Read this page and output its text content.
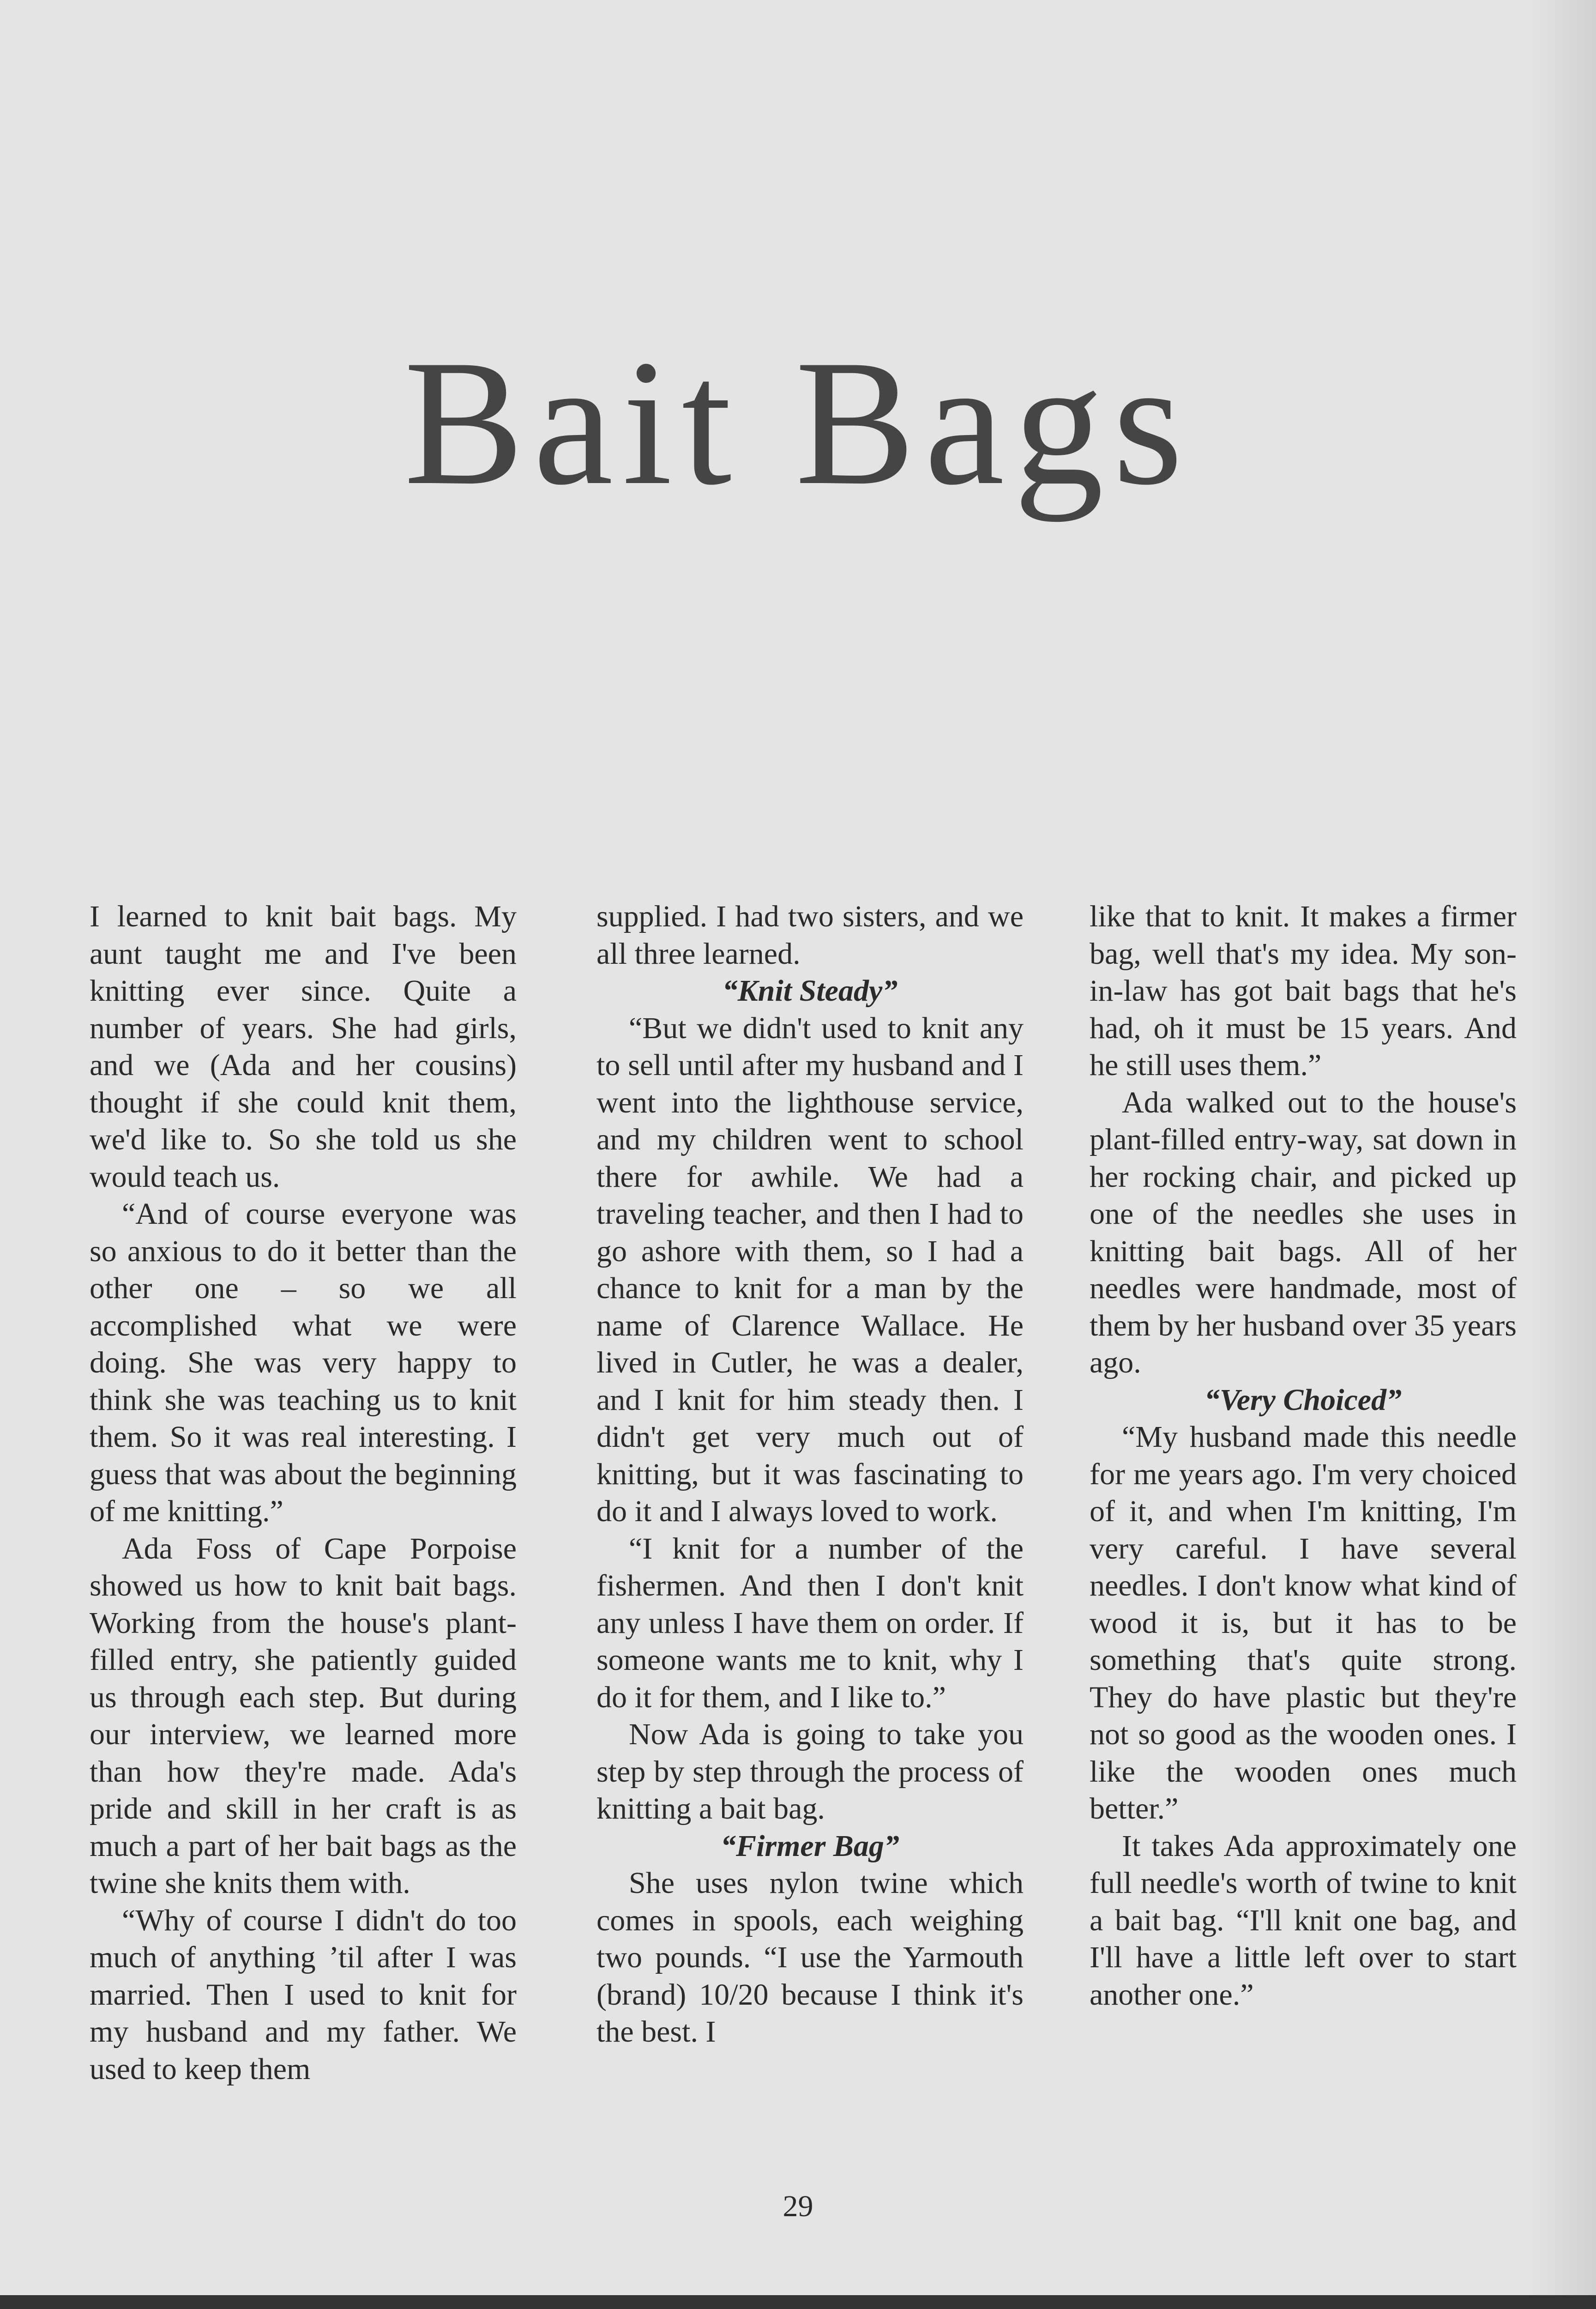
Bait Bags

I learned to knit bait bags. My aunt taught me and I've been knitting ever since. Quite a number of years. She had girls, and we (Ada and her cousins) thought if she could knit them, we'd like to. So she told us she would teach us.

“And of course everyone was so anxious to do it better than the other one – so we all accomplished what we were doing. She was very happy to think she was teaching us to knit them. So it was real interesting. I guess that was about the beginning of me knitting.”

Ada Foss of Cape Porpoise showed us how to knit bait bags. Working from the house's plant-filled entry, she patiently guided us through each step. But during our interview, we learned more than how they're made. Ada's pride and skill in her craft is as much a part of her bait bags as the twine she knits them with.

“Why of course I didn't do too much of anything ’til after I was married. Then I used to knit for my husband and my father. We used to keep them

supplied. I had two sisters, and we all three learned.

“Knit Steady”

“But we didn't used to knit any to sell until after my husband and I went into the lighthouse service, and my children went to school there for awhile. We had a traveling teacher, and then I had to go ashore with them, so I had a chance to knit for a man by the name of Clarence Wallace. He lived in Cutler, he was a dealer, and I knit for him steady then. I didn't get very much out of knitting, but it was fascinating to do it and I always loved to work.

“I knit for a number of the fishermen. And then I don't knit any unless I have them on order. If someone wants me to knit, why I do it for them, and I like to.”

Now Ada is going to take you step by step through the process of knitting a bait bag.

“Firmer Bag”

She uses nylon twine which comes in spools, each weighing two pounds. “I use the Yarmouth (brand) 10/20 because I think it's the best. I

like that to knit. It makes a firmer bag, well that's my idea. My son-in-law has got bait bags that he's had, oh it must be 15 years. And he still uses them.”

Ada walked out to the house's plant-filled entry-way, sat down in her rocking chair, and picked up one of the needles she uses in knitting bait bags. All of her needles were handmade, most of them by her husband over 35 years ago.

“Very Choiced”

“My husband made this needle for me years ago. I'm very choiced of it, and when I'm knitting, I'm very careful. I have several needles. I don't know what kind of wood it is, but it has to be something that's quite strong. They do have plastic but they're not so good as the wooden ones. I like the wooden ones much better.”

It takes Ada approximately one full needle's worth of twine to knit a bait bag. “I'll knit one bag, and I'll have a little left over to start another one.”

29
